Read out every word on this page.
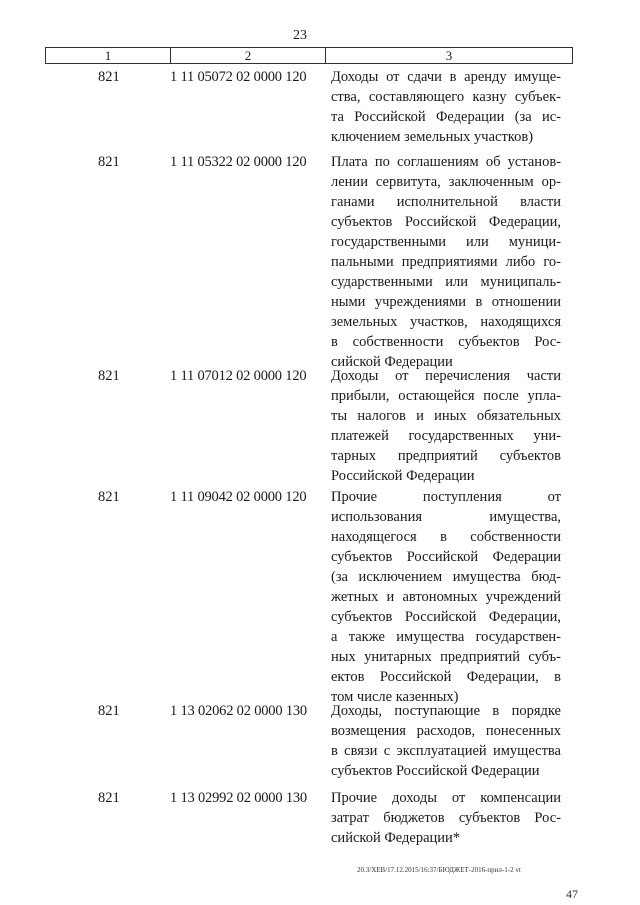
23
1	2	3
821	1 11 05072 02 0000 120 Доходы от сдачи в аренду имуще-
ства, составляющего казну субъек-
та Российской Федерации (за ис-
ключением земельных участков)
821	1 11 05322 02 0000 120 Плата по соглашениям об установ-
лении сервитута, заключенным ор-
ганами исполнительной власти
субъектов Российской Федерации,
государственными или муници-
пальными предприятиями либо го-
сударственными или муниципаль-
ными учреждениями в отношении
земельных участков, находящихся
в собственности субъектов Рос-
сийской Федерации
821	1 11 07012 02 0000 120 Доходы от перечисления части
прибыли, остающейся после упла-
ты налогов и иных обязательных
платежей государственных уни-
тарных предприятий субъектов
Российской Федерации
821	1 11 09042 02 0000 120 Прочие поступления от
использования имущества,
находящегося в собственности
субъектов Российской Федерации
(за исключением имущества бюд-
жетных и автономных учреждений
субъектов Российской Федерации,
а также имущества государствен-
ных унитарных предприятий субъ-
ектов Российской Федерации, в
том числе казенных)
821	1 13 02062 02 0000 130 Доходы, поступающие в порядке
возмещения расходов, понесенных
в связи с эксплуатацией имущества
субъектов Российской Федерации
821	1 13 02992 02 0000 130 Прочие доходы от компенсации
затрат бюджетов субъектов Рос-
сийской Федерации*
20.3/ХЕВ/17.12.2015/16:37/БЮДЖЕТ-2016-прил-1-2 vt
47
